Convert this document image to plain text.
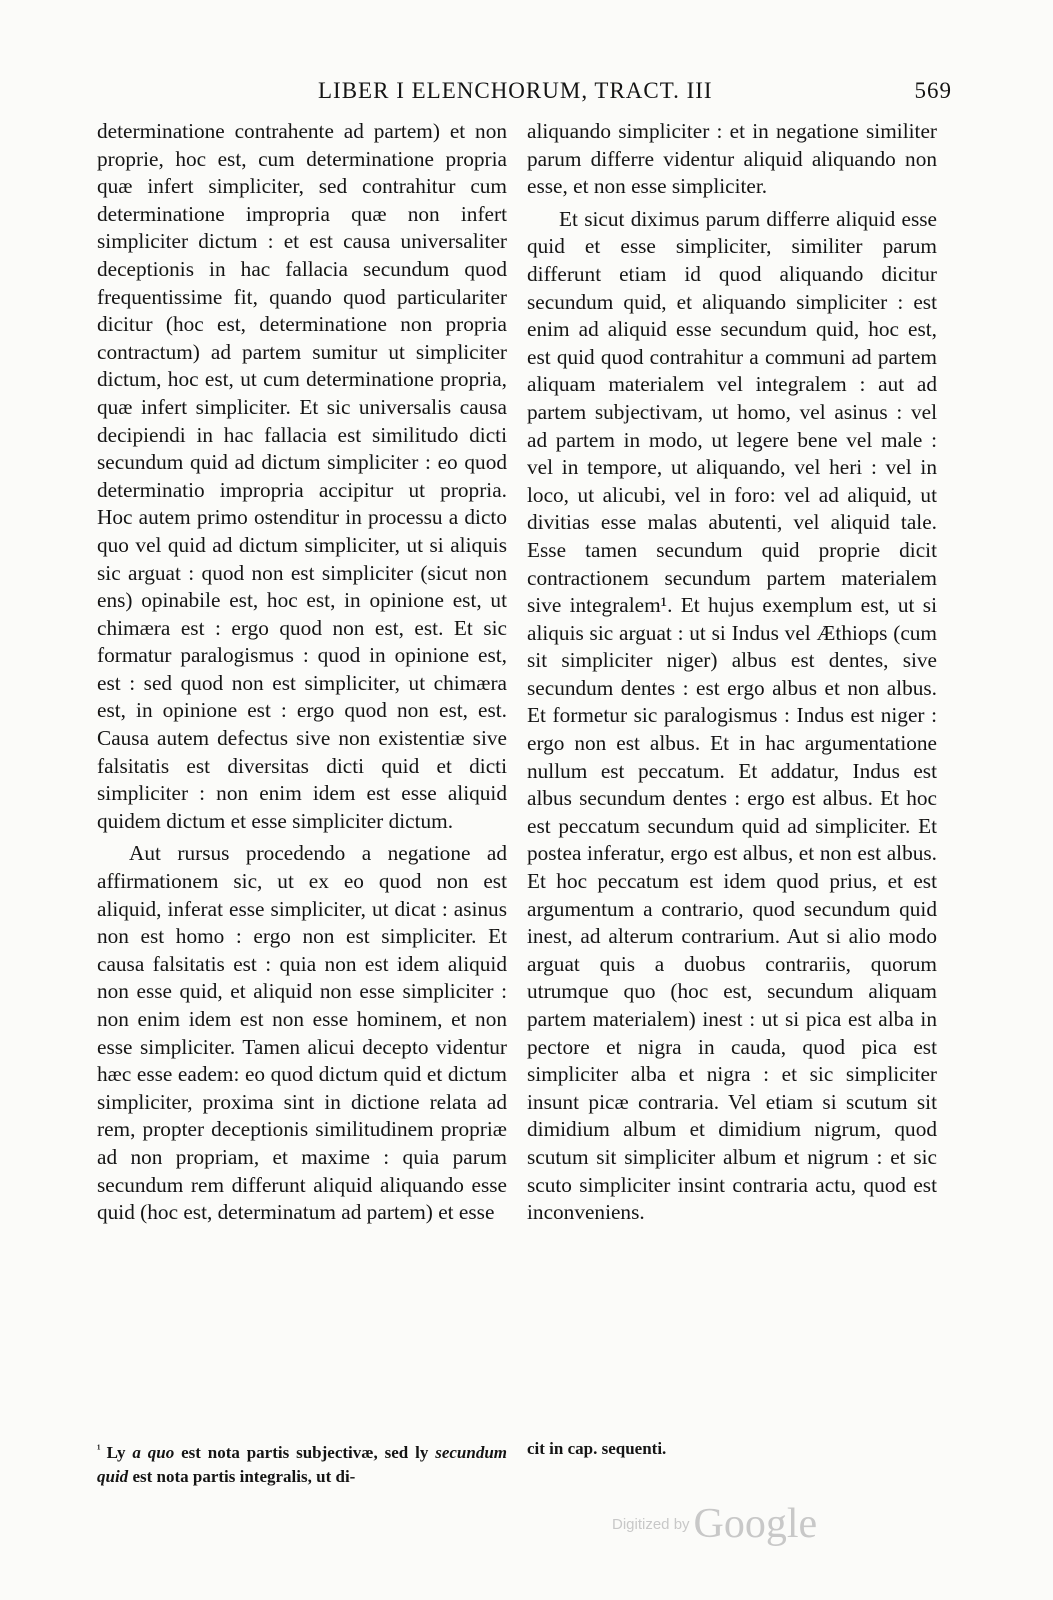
LIBER I ELENCHORUM, TRACT. III	569

determinatione contrahente ad partem) et non proprie, hoc est, cum determinatione propria quæ infert simpliciter, sed contrahitur cum determinatione impropria quæ non infert simpliciter dictum : et est causa universaliter deceptionis in hac fallacia secundum quod frequentissime fit, quando quod particulariter dicitur (hoc est, determinatione non propria contractum) ad partem sumitur ut simpliciter dictum, hoc est, ut cum determinatione propria, quæ infert simpliciter. Et sic universalis causa decipiendi in hac fallacia est similitudo dicti secundum quid ad dictum simpliciter : eo quod determinatio impropria accipitur ut propria. Hoc autem primo ostenditur in processu a dicto quo vel quid ad dictum simpliciter, ut si aliquis sic arguat : quod non est simpliciter (sicut non ens) opinabile est, hoc est, in opinione est, ut chimæra est : ergo quod non est, est. Et sic formatur paralogismus : quod in opinione est, est : sed quod non est simpliciter, ut chimæra est, in opinione est : ergo quod non est, est. Causa autem defectus sive non existentiæ sive falsitatis est diversitas dicti quid et dicti simpliciter : non enim idem est esse aliquid quidem dictum et esse simpliciter dictum.

Aut rursus procedendo a negatione ad affirmationem sic, ut ex eo quod non est aliquid, inferat esse simpliciter, ut dicat : asinus non est homo : ergo non est simpliciter. Et causa falsitatis est : quia non est idem aliquid non esse quid, et aliquid non esse simpliciter : non enim idem est non esse hominem, et non esse simpliciter. Tamen alicui decepto videntur hæc esse eadem: eo quod dictum quid et dictum simpliciter, proxima sint in dictione relata ad rem, propter deceptionis similitudinem propriæ ad non propriam, et maxime : quia parum secundum rem differunt aliquid aliquando esse quid (hoc est, determinatum ad partem) et esse

aliquando simpliciter : et in negatione similiter parum differre videntur aliquid aliquando non esse, et non esse simpliciter.

Et sicut diximus parum differre aliquid esse quid et esse simpliciter, similiter parum differunt etiam id quod aliquando dicitur secundum quid, et aliquando simpliciter : est enim ad aliquid esse secundum quid, hoc est, est quid quod contrahitur a communi ad partem aliquam materialem vel integralem : aut ad partem subjectivam, ut homo, vel asinus : vel ad partem in modo, ut legere bene vel male : vel in tempore, ut aliquando, vel heri : vel in loco, ut alicubi, vel in foro: vel ad aliquid, ut divitias esse malas abutenti, vel aliquid tale. Esse tamen secundum quid proprie dicit contractionem secundum partem materialem sive integralem¹. Et hujus exemplum est, ut si aliquis sic arguat : ut si Indus vel Æthiops (cum sit simpliciter niger) albus est dentes, sive secundum dentes : est ergo albus et non albus. Et formetur sic paralogismus : Indus est niger : ergo non est albus. Et in hac argumentatione nullum est peccatum. Et addatur, Indus est albus secundum dentes : ergo est albus. Et hoc est peccatum secundum quid ad simpliciter. Et postea inferatur, ergo est albus, et non est albus. Et hoc peccatum est idem quod prius, et est argumentum a contrario, quod secundum quid inest, ad alterum contrarium. Aut si alio modo arguat quis a duobus contrariis, quorum utrumque quo (hoc est, secundum aliquam partem materialem) inest : ut si pica est alba in pectore et nigra in cauda, quod pica est simpliciter alba et nigra : et sic simpliciter insunt picæ contraria. Vel etiam si scutum sit dimidium album et dimidium nigrum, quod scutum sit simpliciter album et nigrum : et sic scuto simpliciter insint contraria actu, quod est inconveniens.

$^{^1}$ Ly a quo est nota partis subjectivæ, sed ly secundum quid est nota partis integralis, ut di-
cit in cap. sequenti.
Digitized byGoogle
